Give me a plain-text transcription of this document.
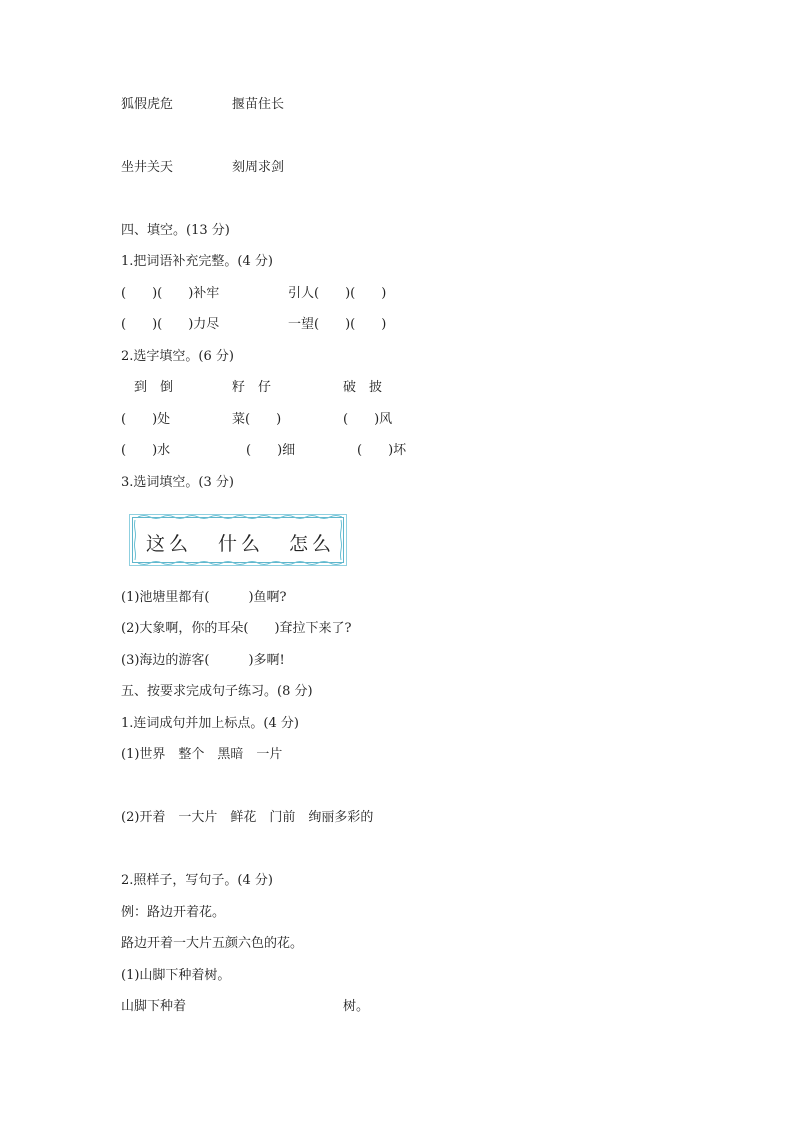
狐假虎危	揠苗住长
坐井关天	刻周求剑
四、填空。(13 分)
1.把词语补充完整。(4 分)
(　　)(　　)补牢	引人(　　)(　　)
(　　)(　　)力尽	一望(　　)(　　)
2.选字填空。(6 分)
到　倒	籽　仔	破　披
(　　)处	菜(　　)	(　　)风
(　　)水	(　　)细	(　　)坏
3.选词填空。(3 分)
这么 什么 怎么
(1)池塘里都有(　　　)鱼啊?
(2)大象啊，你的耳朵(　　)耷拉下来了?
(3)海边的游客(　　　)多啊!
五、按要求完成句子练习。(8 分)
1.连词成句并加上标点。(4 分)
(1)世界　整个　黑暗　一片
(2)开着　一大片　鲜花　门前　绚丽多彩的
2.照样子，写句子。(4 分)
例：路边开着花。
路边开着一大片五颜六色的花。
(1)山脚下种着树。
山脚下种着	树。
